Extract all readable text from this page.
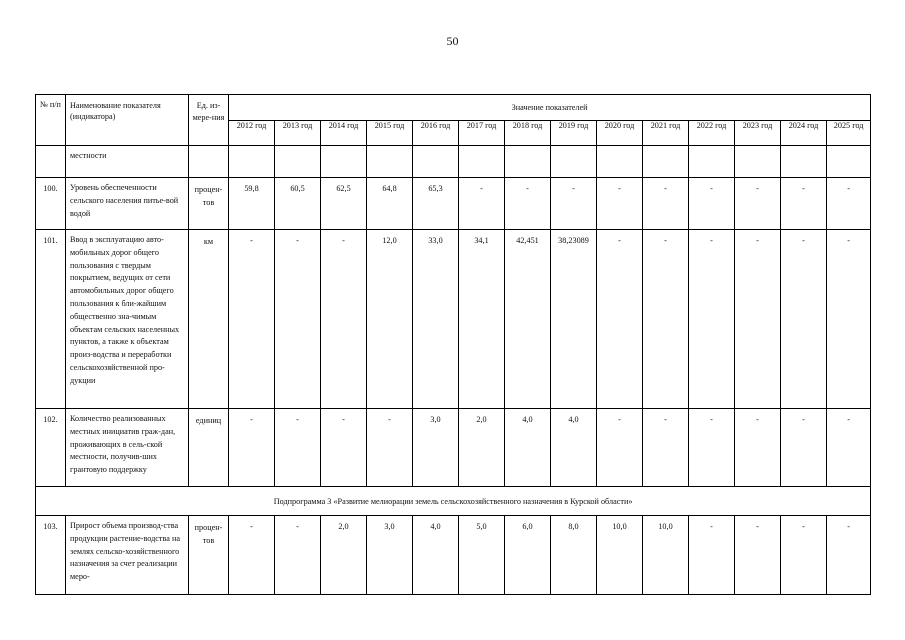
50
№ п/п	Наименование показателя (индикатора)	Ед. из-мере-ния	Значение показателей													
			2012 год	2013 год	2014 год	2015 год	2016 год	2017 год	2018 год	2019 год	2020 год	2021 год	2022 год	2023 год	2024 год	2025 год
	местности															
100.	Уровень обеспеченности сельского населения питье-вой водой	процен-тов	59,8	60,5	62,5	64,8	65,3	-	-	-	-	-	-	-	-	-
101.	Ввод в эксплуатацию авто-мобильных дорог общего пользования с твердым покрытием, ведущих от сети автомобильных дорог общего пользования к бли-жайшим общественно зна-чимым объектам сельских населенных пунктов, а также к объектам произ-водства и переработки сельскохозяйственной про-дукции	км	-	-	-	12,0	33,0	34,1	42,451	38,23089	-	-	-	-	-	-
102.	Количество реализованных местных инициатив граж-дан, проживающих в сель-ской местности, получив-ших грантовую поддержку	единиц	-	-	-	-	3,0	2,0	4,0	4,0	-	-	-	-	-	-
Подпрограмма 3 «Развитие мелиорации земель сельскохозяйственного назначения в Курской области»																
103.	Прирост объема производ-ства продукции растение-водства на землях сельско-хозяйственного назначения за счет реализации меро-	процен-тов	-	-	2,0	3,0	4,0	5,0	6,0	8,0	10,0	10,0	-	-	-	-
